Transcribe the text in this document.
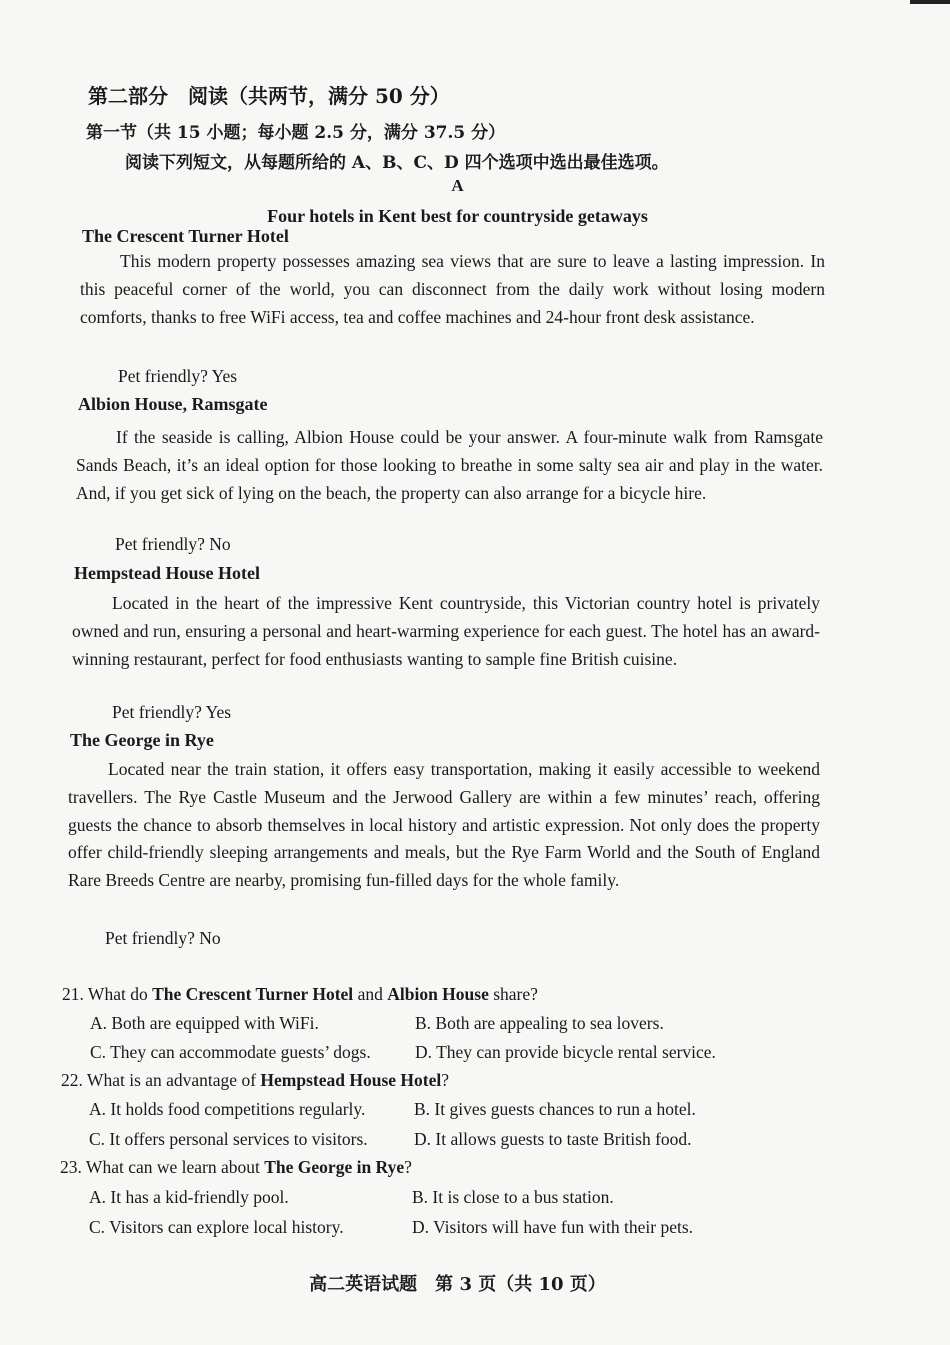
第二部分　阅读（共两节，满分 50 分）
第一节（共 15 小题；每小题 2.5 分，满分 37.5 分）
阅读下列短文，从每题所给的 A、B、C、D 四个选项中选出最佳选项。
A
Four hotels in Kent best for countryside getaways
The Crescent Turner Hotel
This modern property possesses amazing sea views that are sure to leave a lasting impression. In this peaceful corner of the world, you can disconnect from the daily work without losing modern comforts, thanks to free WiFi access, tea and coffee machines and 24-hour front desk assistance.
Pet friendly? Yes
Albion House, Ramsgate
If the seaside is calling, Albion House could be your answer. A four-minute walk from Ramsgate Sands Beach, it’s an ideal option for those looking to breathe in some salty sea air and play in the water. And, if you get sick of lying on the beach, the property can also arrange for a bicycle hire.
Pet friendly? No
Hempstead House Hotel
Located in the heart of the impressive Kent countryside, this Victorian country hotel is privately owned and run, ensuring a personal and heart-warming experience for each guest. The hotel has an award-winning restaurant, perfect for food enthusiasts wanting to sample fine British cuisine.
Pet friendly? Yes
The George in Rye
Located near the train station, it offers easy transportation, making it easily accessible to weekend travellers. The Rye Castle Museum and the Jerwood Gallery are within a few minutes’ reach, offering guests the chance to absorb themselves in local history and artistic expression. Not only does the property offer child-friendly sleeping arrangements and meals, but the Rye Farm World and the South of England Rare Breeds Centre are nearby, promising fun-filled days for the whole family.
Pet friendly? No
21. What do The Crescent Turner Hotel and Albion House share?
A. Both are equipped with WiFi.	B. Both are appealing to sea lovers.
C. They can accommodate guests’ dogs.	D. They can provide bicycle rental service.
22. What is an advantage of Hempstead House Hotel?
A. It holds food competitions regularly.	B. It gives guests chances to run a hotel.
C. It offers personal services to visitors.	D. It allows guests to taste British food.
23. What can we learn about The George in Rye?
A. It has a kid-friendly pool.	B. It is close to a bus station.
C. Visitors can explore local history.	D. Visitors will have fun with their pets.
高二英语试题　第 3 页（共 10 页）
